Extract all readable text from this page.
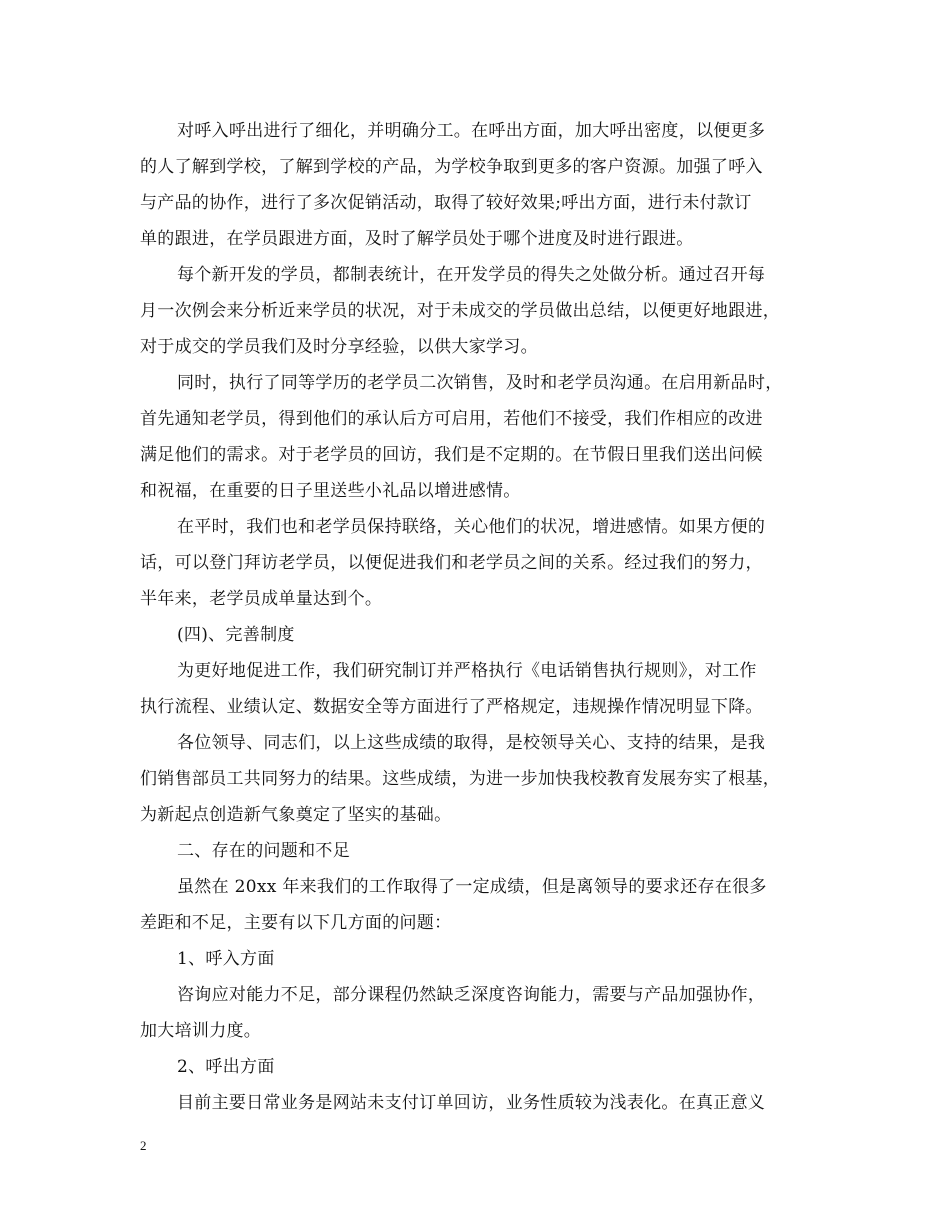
对呼入呼出进行了细化，并明确分工。在呼出方面，加大呼出密度，以便更多
的人了解到学校，了解到学校的产品，为学校争取到更多的客户资源。加强了呼入
与产品的协作，进行了多次促销活动，取得了较好效果;呼出方面，进行未付款订
单的跟进，在学员跟进方面，及时了解学员处于哪个进度及时进行跟进。
每个新开发的学员，都制表统计，在开发学员的得失之处做分析。通过召开每
月一次例会来分析近来学员的状况，对于未成交的学员做出总结，以便更好地跟进，
对于成交的学员我们及时分享经验，以供大家学习。
同时，执行了同等学历的老学员二次销售，及时和老学员沟通。在启用新品时，
首先通知老学员，得到他们的承认后方可启用，若他们不接受，我们作相应的改进
满足他们的需求。对于老学员的回访，我们是不定期的。在节假日里我们送出问候
和祝福，在重要的日子里送些小礼品以增进感情。
在平时，我们也和老学员保持联络，关心他们的状况，增进感情。如果方便的
话，可以登门拜访老学员，以便促进我们和老学员之间的关系。经过我们的努力，
半年来，老学员成单量达到个。
(四)、完善制度
为更好地促进工作，我们研究制订并严格执行《电话销售执行规则》，对工作
执行流程、业绩认定、数据安全等方面进行了严格规定，违规操作情况明显下降。
各位领导、同志们，以上这些成绩的取得，是校领导关心、支持的结果，是我
们销售部员工共同努力的结果。这些成绩，为进一步加快我校教育发展夯实了根基，
为新起点创造新气象奠定了坚实的基础。
二、存在的问题和不足
虽然在 20xx 年来我们的工作取得了一定成绩，但是离领导的要求还存在很多
差距和不足，主要有以下几方面的问题：
1、呼入方面
咨询应对能力不足，部分课程仍然缺乏深度咨询能力，需要与产品加强协作，
加大培训力度。
2、呼出方面
目前主要日常业务是网站未支付订单回访，业务性质较为浅表化。在真正意义
2
